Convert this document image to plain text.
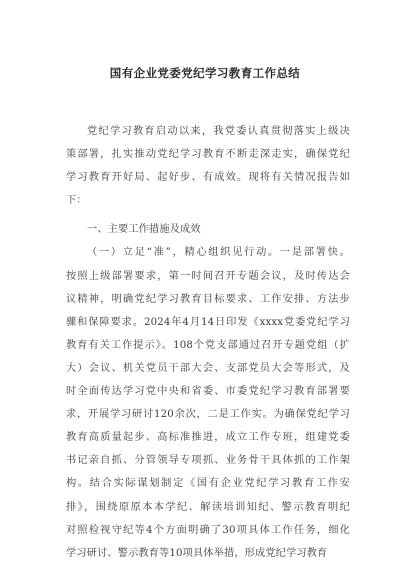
国有企业党委党纪学习教育工作总结
党纪学习教育启动以来，我党委认真贯彻落实上级决
策部署，扎实推动党纪学习教育不断走深走实，确保党纪
学习教育开好局、起好步、有成效。现将有关情况报告如
下：
一、主要工作措施及成效
（一）立足“准”，精心组织见行动。一是部署快。
按照上级部署要求，第一时间召开专题会议，及时传达会
议精神，明确党纪学习教育目标要求、工作安排、方法步
骤和保障要求。2024年4月14日印发《xxxx党委党纪学习
教育有关工作提示》。108个党支部通过召开专题党组（扩
大）会议、机关党员干部大会、支部党员大会等形式，及
时全面传达学习党中央和省委、市委党纪学习教育部署要
求，开展学习研讨120余次，二是工作实。为确保党纪学习
教育高质量起步、高标准推进，成立工作专班，组建党委
书记亲自抓、分管领导专项抓、业务骨干具体抓的工作架
构。结合实际谋划制定《国有企业党纪学习教育工作安
排》，围绕原原本本学纪、解读培训知纪、警示教育明纪
对照检视守纪等4个方面明确了30项具体工作任务，细化
学习研讨、警示教育等10项具体举措，形成党纪学习教育
